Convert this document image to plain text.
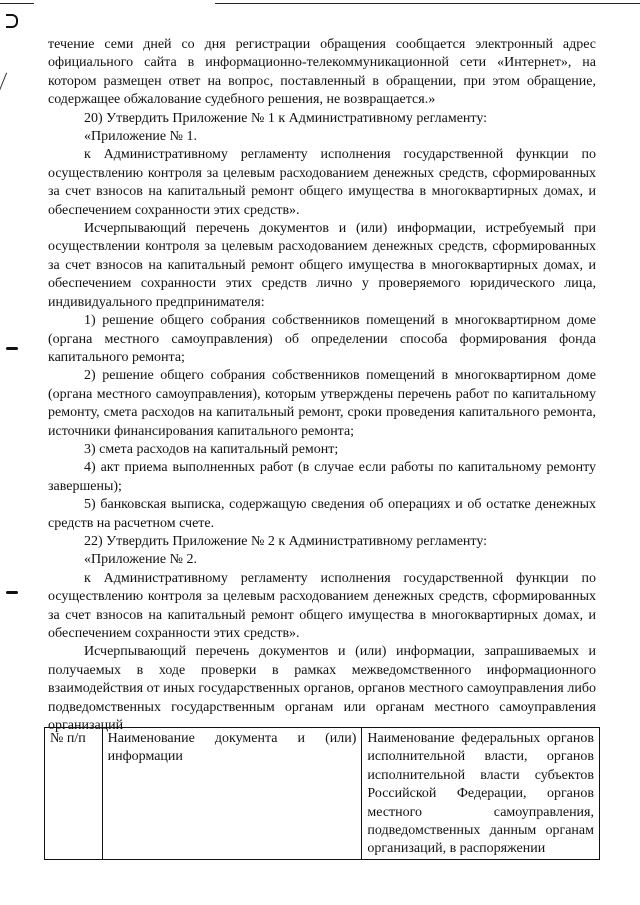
течение семи дней со дня регистрации обращения сообщается электронный адрес официального сайта в информационно-телекоммуникационной сети «Интернет», на котором размещен ответ на вопрос, поставленный в обращении, при этом обращение, содержащее обжалование судебного решения, не возвращается.»

20) Утвердить Приложение № 1 к Административному регламенту:

«Приложение № 1.

к Административному регламенту исполнения государственной функции по осуществлению контроля за целевым расходованием денежных средств, сформированных за счет взносов на капитальный ремонт общего имущества в многоквартирных домах, и обеспечением сохранности этих средств».

Исчерпывающий перечень документов и (или) информации, истребуемый при осуществлении контроля за целевым расходованием денежных средств, сформированных за счет взносов на капитальный ремонт общего имущества в многоквартирных домах, и обеспечением сохранности этих средств лично у проверяемого юридического лица, индивидуального предпринимателя:

1) решение общего собрания собственников помещений в многоквартирном доме (органа местного самоуправления) об определении способа формирования фонда капитального ремонта;

2) решение общего собрания собственников помещений в многоквартирном доме (органа местного самоуправления), которым утверждены перечень работ по капитальному ремонту, смета расходов на капитальный ремонт, сроки проведения капитального ремонта, источники финансирования капитального ремонта;

3) смета расходов на капитальный ремонт;

4) акт приема выполненных работ (в случае если работы по капитальному ремонту завершены);

5) банковская выписка, содержащую сведения об операциях и об остатке денежных средств на расчетном счете.

22) Утвердить Приложение № 2 к Административному регламенту:

«Приложение № 2.

к Административному регламенту исполнения государственной функции по осуществлению контроля за целевым расходованием денежных средств, сформированных за счет взносов на капитальный ремонт общего имущества в многоквартирных домах, и обеспечением сохранности этих средств».

Исчерпывающий перечень документов и (или) информации, запрашиваемых и получаемых в ходе проверки в рамках межведомственного информационного взаимодействия от иных государственных органов, органов местного самоуправления либо подведомственных государственным органам или органам местного самоуправления организаций

№ п/п	Наименование документа и (или) информации	Наименование федеральных органов исполнительной власти, органов исполнительной власти субъектов Российской Федерации, органов местного самоуправления, подведомственных данным органам организаций, в распоряжении
